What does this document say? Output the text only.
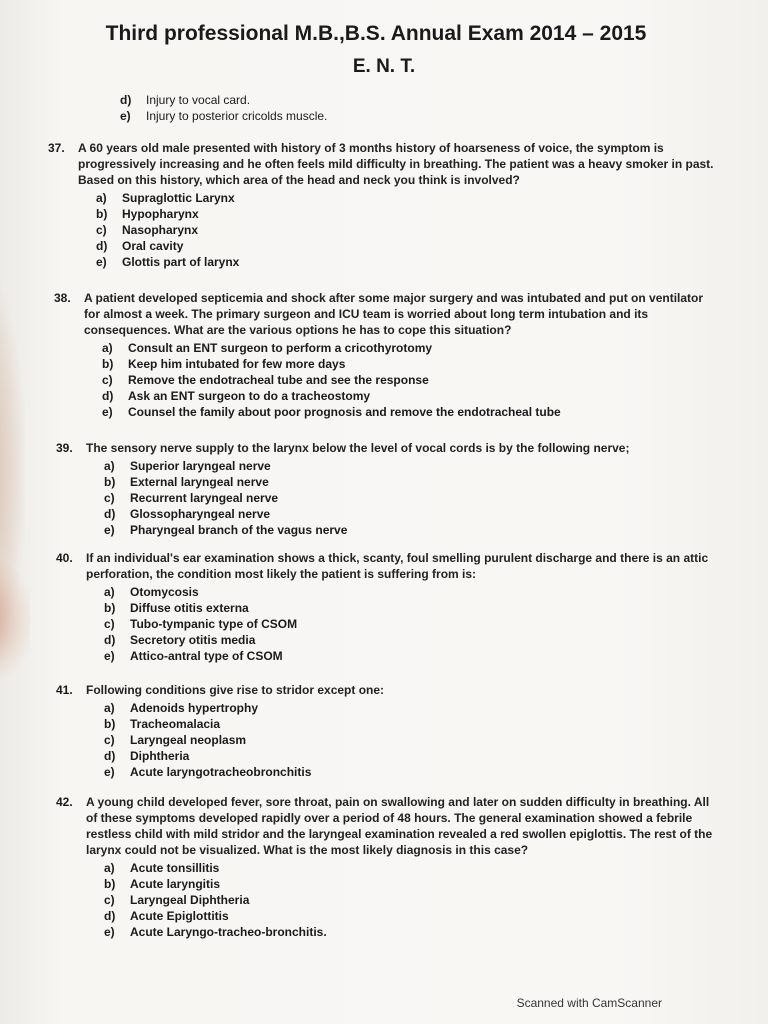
Third professional M.B.,B.S. Annual Exam 2014 – 2015
E. N. T.
d)	Injury to vocal card.
e)	Injury to posterior cricolds muscle.
37.	A 60 years old male presented with history of 3 months history of hoarseness of voice, the symptom is progressively increasing and he often feels mild difficulty in breathing. The patient was a heavy smoker in past. Based on this history, which area of the head and neck you think is involved?
a)	Supraglottic Larynx
b)	Hypopharynx
c)	Nasopharynx
d)	Oral cavity
e)	Glottis part of larynx
38.	A patient developed septicemia and shock after some major surgery and was intubated and put on ventilator for almost a week. The primary surgeon and ICU team is worried about long term intubation and its consequences. What are the various options he has to cope this situation?
a)	Consult an ENT surgeon to perform a cricothyrotomy
b)	Keep him intubated for few more days
c)	Remove the endotracheal tube and see the response
d)	Ask an ENT surgeon to do a tracheostomy
e)	Counsel the family about poor prognosis and remove the endotracheal tube
39.	The sensory nerve supply to the larynx below the level of vocal cords is by the following nerve;
a)	Superior laryngeal nerve
b)	External laryngeal nerve
c)	Recurrent laryngeal nerve
d)	Glossopharyngeal nerve
e)	Pharyngeal branch of the vagus nerve
40.	If an individual's ear examination shows a thick, scanty, foul smelling purulent discharge and there is an attic perforation, the condition most likely the patient is suffering from is:
a)	Otomycosis
b)	Diffuse otitis externa
c)	Tubo-tympanic type of CSOM
d)	Secretory otitis media
e)	Attico-antral type of CSOM
41.	Following conditions give rise to stridor except one:
a)	Adenoids hypertrophy
b)	Tracheomalacia
c)	Laryngeal neoplasm
d)	Diphtheria
e)	Acute laryngotracheobronchitis
42.	A young child developed fever, sore throat, pain on swallowing and later on sudden difficulty in breathing. All of these symptoms developed rapidly over a period of 48 hours. The general examination showed a febrile restless child with mild stridor and the laryngeal examination revealed a red swollen epiglottis. The rest of the larynx could not be visualized. What is the most likely diagnosis in this case?
a)	Acute tonsillitis
b)	Acute laryngitis
c)	Laryngeal Diphtheria
d)	Acute Epiglottitis
e)	Acute Laryngo-tracheo-bronchitis.
Scanned with CamScanner
